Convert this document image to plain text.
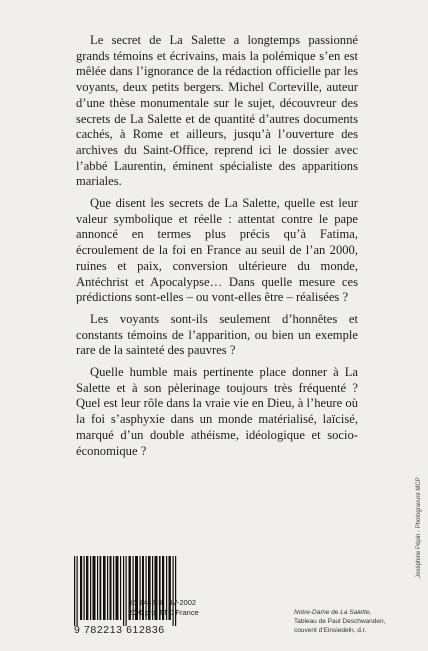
Le secret de La Salette a longtemps passionné grands témoins et écrivains, mais la polémique s’en est mêlée dans l’ignorance de la rédaction officielle par les voyants, deux petits bergers. Michel Corteville, auteur d’une thèse monumentale sur le sujet, découvreur des secrets de La Salette et de quantité d’autres documents cachés, à Rome et ailleurs, jusqu’à l’ouverture des archives du Saint-Office, reprend ici le dossier avec l’abbé Laurentin, éminent spécialiste des apparitions mariales.

Que disent les secrets de La Salette, quelle est leur valeur symbolique et réelle : attentat contre le pape annoncé en termes plus précis qu’à Fatima, écroulement de la foi en France au seuil de l’an 2000, ruines et paix, conversion ultérieure du monde, Antéchrist et Apocalypse… Dans quelle mesure ces prédictions sont-elles – ou vont-elles être – réalisées ?

Les voyants sont-ils seulement d’honnêtes et constants témoins de l’apparition, ou bien un exemple rare de la sainteté des pauvres ?

Quelle humble mais pertinente place donner à La Salette et à son pèlerinage toujours très fréquenté ? Quel est leur rôle dans la vraie vie en Dieu, à l’heure où la foi s’asphyxie dans un monde matérialisé, laïcisé, marqué d’un double athéisme, idéologique et socio-économique ?

9 782213 612836
35-1483-3 IV-2002
20 € prix TTC France	Notre-Dame de La Salette,
Tableau de Paul Deschwanden,
couvent d’Einsiedeln, d.r.
Joséphine Pépin - Photogravure MCP
